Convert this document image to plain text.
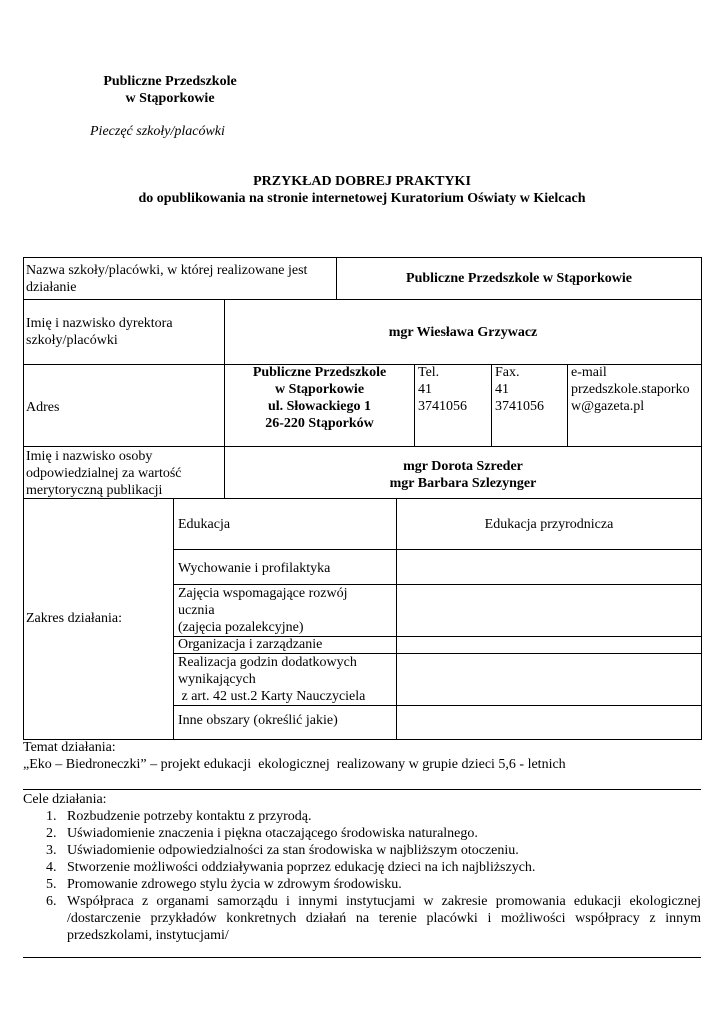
Publiczne Przedszkole
w Stąporkowie
Pieczęć szkoły/placówki
PRZYKŁAD DOBREJ PRAKTYKI
do opublikowania na stronie internetowej Kuratorium Oświaty w Kielcach
Nazwa szkoły/placówki, w której realizowane jest
działanie
Publiczne Przedszkole w Stąporkowie
Imię i nazwisko dyrektora
szkoły/placówki
mgr Wiesława Grzywacz
Adres
Publiczne Przedszkole
w Stąporkowie
ul. Słowackiego 1
26-220 Stąporków
Tel.
41
3741056
Fax.
41
3741056
e-mail
przedszkole.staporko
w@gazeta.pl
Imię i nazwisko osoby
odpowiedzialnej za wartość
merytoryczną publikacji
mgr Dorota Szreder
mgr Barbara Szlezynger
Zakres działania:
Edukacja	Edukacja przyrodnicza
Wychowanie i profilaktyka
Zajęcia wspomagające rozwój
ucznia
(zajęcia pozalekcyjne)
Organizacja i zarządzanie
Realizacja godzin dodatkowych
wynikających
z art. 42 ust.2 Karty Nauczyciela
Inne obszary (określić jakie)
Temat działania:
„Eko – Biedroneczki” – projekt edukacji  ekologicznej  realizowany w grupie dzieci 5,6 - letnich
Cele działania:
1. Rozbudzenie potrzeby kontaktu z przyrodą.
2. Uświadomienie znaczenia i piękna otaczającego środowiska naturalnego.
3. Uświadomienie odpowiedzialności za stan środowiska w najbliższym otoczeniu.
4. Stworzenie możliwości oddziaływania poprzez edukację dzieci na ich najbliższych.
5. Promowanie zdrowego stylu życia w zdrowym środowisku.
6. Współpraca z organami samorządu i innymi instytucjami w zakresie promowania edukacji ekologicznej /dostarczenie przykładów konkretnych działań na terenie placówki i możliwości współpracy z innym przedszkolami, instytucjami/
